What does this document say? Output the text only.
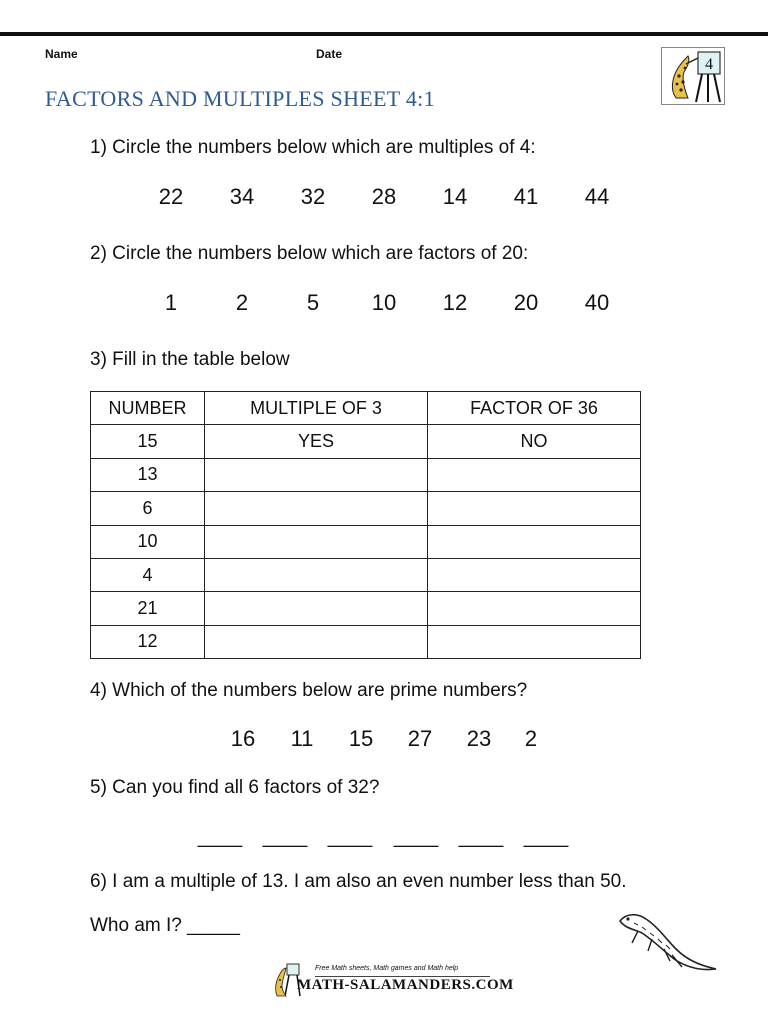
Name	Date
FACTORS AND MULTIPLES SHEET 4:1
4
1) Circle the numbers below which are multiples of 4:
22 34 32 28 14 41 44
2) Circle the numbers below which are factors of 20:
1	2	5 10 12 20 40
3) Fill in the table below
NUMBER	MULTIPLE OF 3	FACTOR OF 36
15	YES	NO
13		
6		
10		
4		
21		
12		
4) Which of the numbers below are prime numbers?
16 11 15 27 23 2
5) Can you find all 6 factors of 32?
____ ____ ____ ____ ____ ____
6) I am a multiple of 13. I am also an even number less than 50.
Who am I? _____
Free Math sheets, Math games and Math help
MATH-SALAMANDERS.COM
